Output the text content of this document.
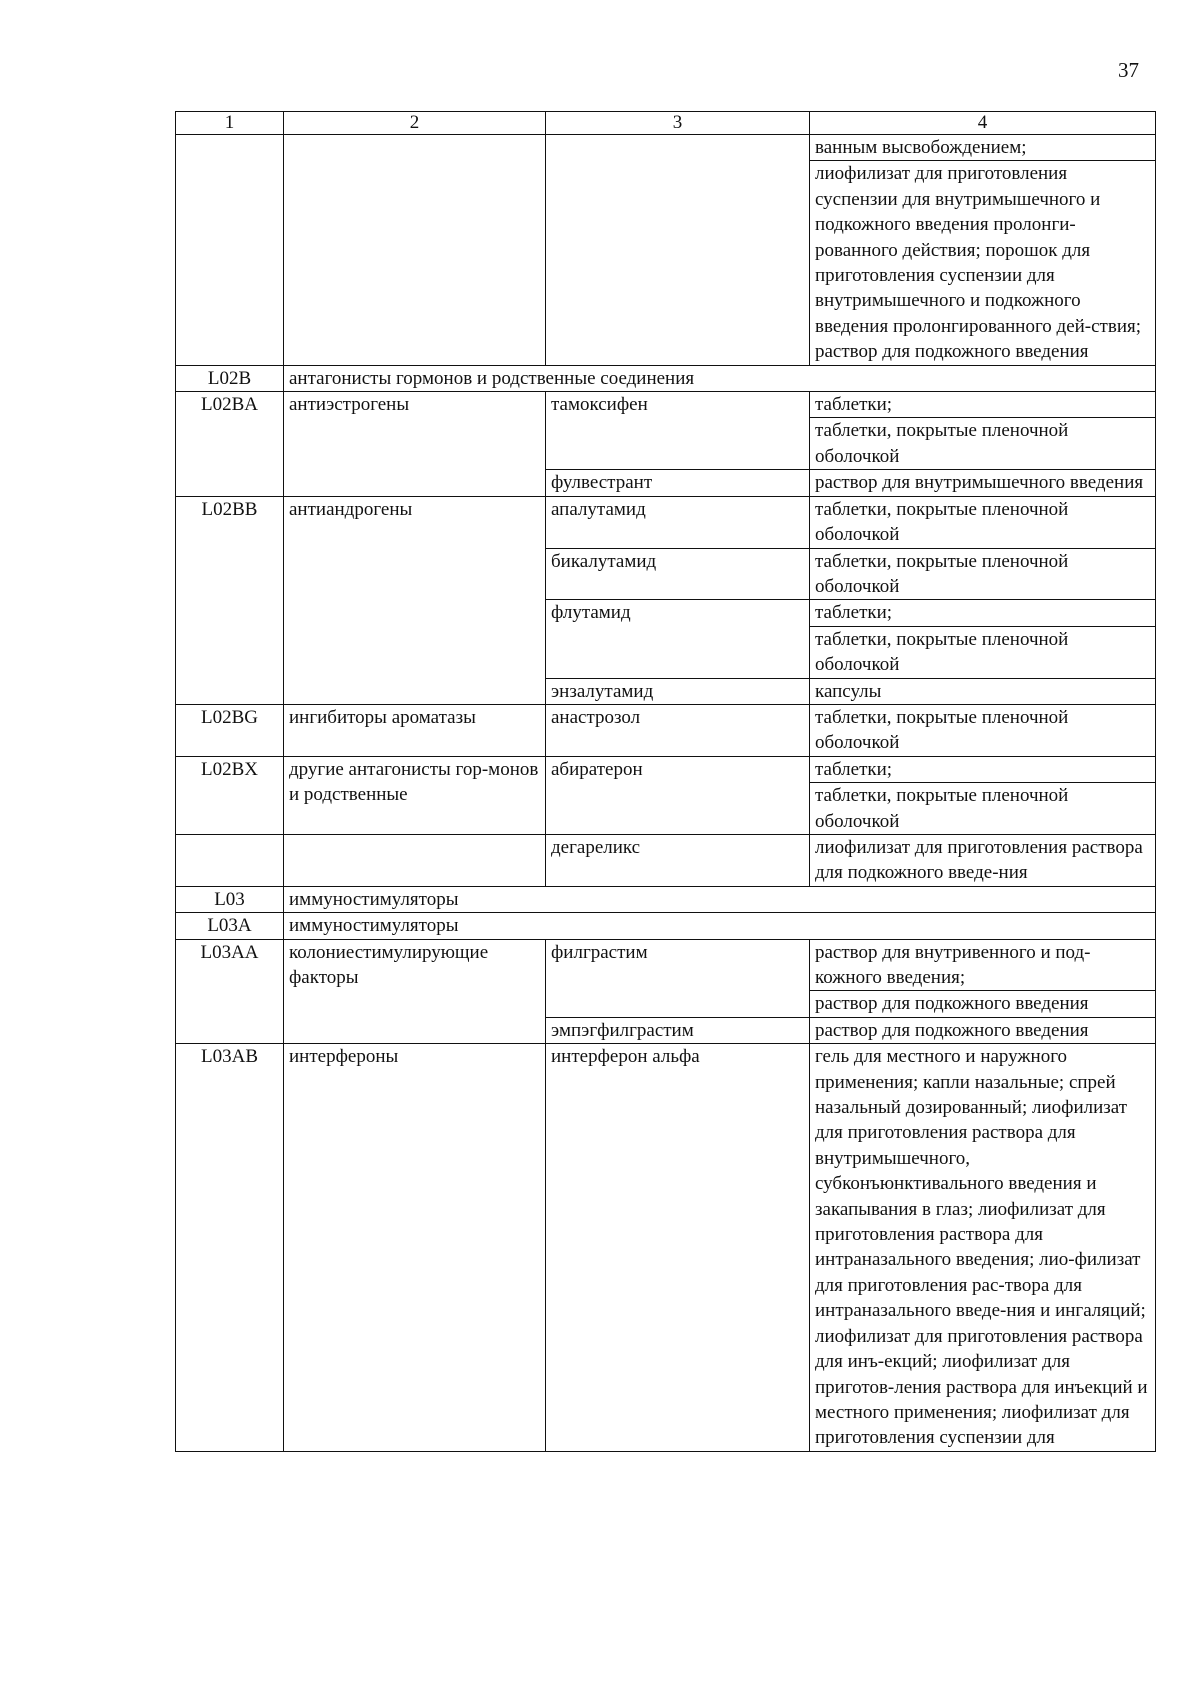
37
1	2	3	4

			ванным высвобождением;
лиофилизат для приготовления суспензии для внутримышечного и подкожного введения пролонги-рованного действия; порошок для приготовления суспензии для внутримышечного и подкожного введения пролонгированного дей-ствия; раствор для подкожного введения

L02B	антагонисты гормонов и родственные соединения		
L02BA	антиэстрогены	тамоксифен	таблетки;
таблетки, покрытые пленочной оболочкой

		фулвестрант	раствор для внутримышечного введения

L02BB	антиандрогены	апалутамид	таблетки, покрытые пленочной оболочкой

		бикалутамид	таблетки, покрытые пленочной оболочкой

		флутамид	таблетки;
таблетки, покрытые пленочной оболочкой

		энзалутамид	капсулы

L02BG	ингибиторы ароматазы	анастрозол	таблетки, покрытые пленочной оболочкой

L02BX	другие антагонисты гор-монов и родственные	абиратерон	таблетки;
таблетки, покрытые пленочной оболочкой

		дегареликс	лиофилизат для приготовления раствора для подкожного введе-ния

L03	иммуностимуляторы		
L03A	иммуностимуляторы		
L03AA	колониестимулирующие факторы	филграстим	раствор для внутривенного и под-кожного введения;
раствор для подкожного введения

		эмпэгфилграстим	раствор для подкожного введения

L03AB	интерфероны	интерферон альфа	гель для местного и наружного применения; капли назальные; спрей назальный дозированный; лиофилизат для приготовления раствора для внутримышечного, субконъюнктивального введения и закапывания в глаз; лиофилизат для приготовления раствора для интраназального введения; лио-филизат для приготовления рас-твора для интраназального введе-ния и ингаляций; лиофилизат для приготовления раствора для инъ-екций; лиофилизат для приготов-ления раствора для инъекций и местного применения; лиофилизат для приготовления суспензии для
